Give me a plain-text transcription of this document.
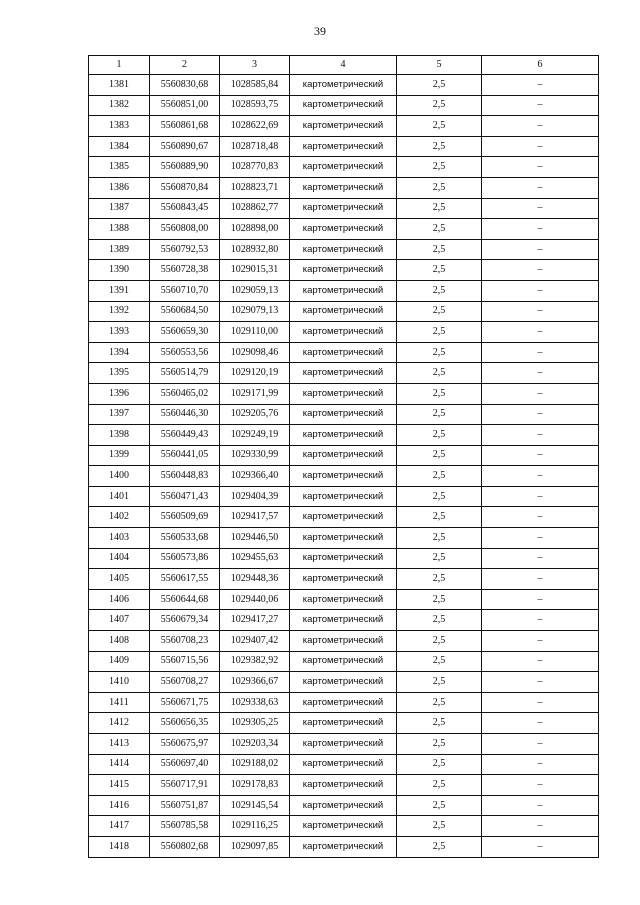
39
1	2	3	4	5	6
1381	5560830,68	1028585,84	картометрический	2,5	–
1382	5560851,00	1028593,75	картометрический	2,5	–
1383	5560861,68	1028622,69	картометрический	2,5	–
1384	5560890,67	1028718,48	картометрический	2,5	–
1385	5560889,90	1028770,83	картометрический	2,5	–
1386	5560870,84	1028823,71	картометрический	2,5	–
1387	5560843,45	1028862,77	картометрический	2,5	–
1388	5560808,00	1028898,00	картометрический	2,5	–
1389	5560792,53	1028932,80	картометрический	2,5	–
1390	5560728,38	1029015,31	картометрический	2,5	–
1391	5560710,70	1029059,13	картометрический	2,5	–
1392	5560684,50	1029079,13	картометрический	2,5	–
1393	5560659,30	1029110,00	картометрический	2,5	–
1394	5560553,56	1029098,46	картометрический	2,5	–
1395	5560514,79	1029120,19	картометрический	2,5	–
1396	5560465,02	1029171,99	картометрический	2,5	–
1397	5560446,30	1029205,76	картометрический	2,5	–
1398	5560449,43	1029249,19	картометрический	2,5	–
1399	5560441,05	1029330,99	картометрический	2,5	–
1400	5560448,83	1029366,40	картометрический	2,5	–
1401	5560471,43	1029404,39	картометрический	2,5	–
1402	5560509,69	1029417,57	картометрический	2,5	–
1403	5560533,68	1029446,50	картометрический	2,5	–
1404	5560573,86	1029455,63	картометрический	2,5	–
1405	5560617,55	1029448,36	картометрический	2,5	–
1406	5560644,68	1029440,06	картометрический	2,5	–
1407	5560679,34	1029417,27	картометрический	2,5	–
1408	5560708,23	1029407,42	картометрический	2,5	–
1409	5560715,56	1029382,92	картометрический	2,5	–
1410	5560708,27	1029366,67	картометрический	2,5	–
1411	5560671,75	1029338,63	картометрический	2,5	–
1412	5560656,35	1029305,25	картометрический	2,5	–
1413	5560675,97	1029203,34	картометрический	2,5	–
1414	5560697,40	1029188,02	картометрический	2,5	–
1415	5560717,91	1029178,83	картометрический	2,5	–
1416	5560751,87	1029145,54	картометрический	2,5	–
1417	5560785,58	1029116,25	картометрический	2,5	–
1418	5560802,68	1029097,85	картометрический	2,5	–
